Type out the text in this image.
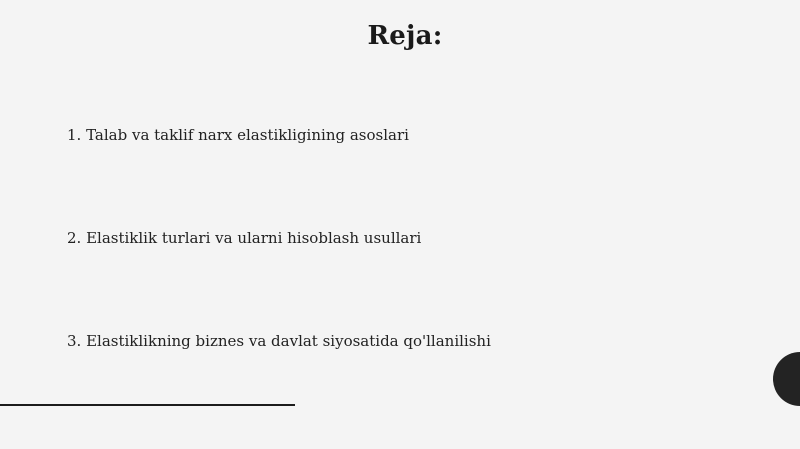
Reja:
1. Talab va taklif narx elastikligining asoslari
2. Elastiklik turlari va ularni hisoblash usullari
3. Elastiklikning biznes va davlat siyosatida qo'llanilishi
